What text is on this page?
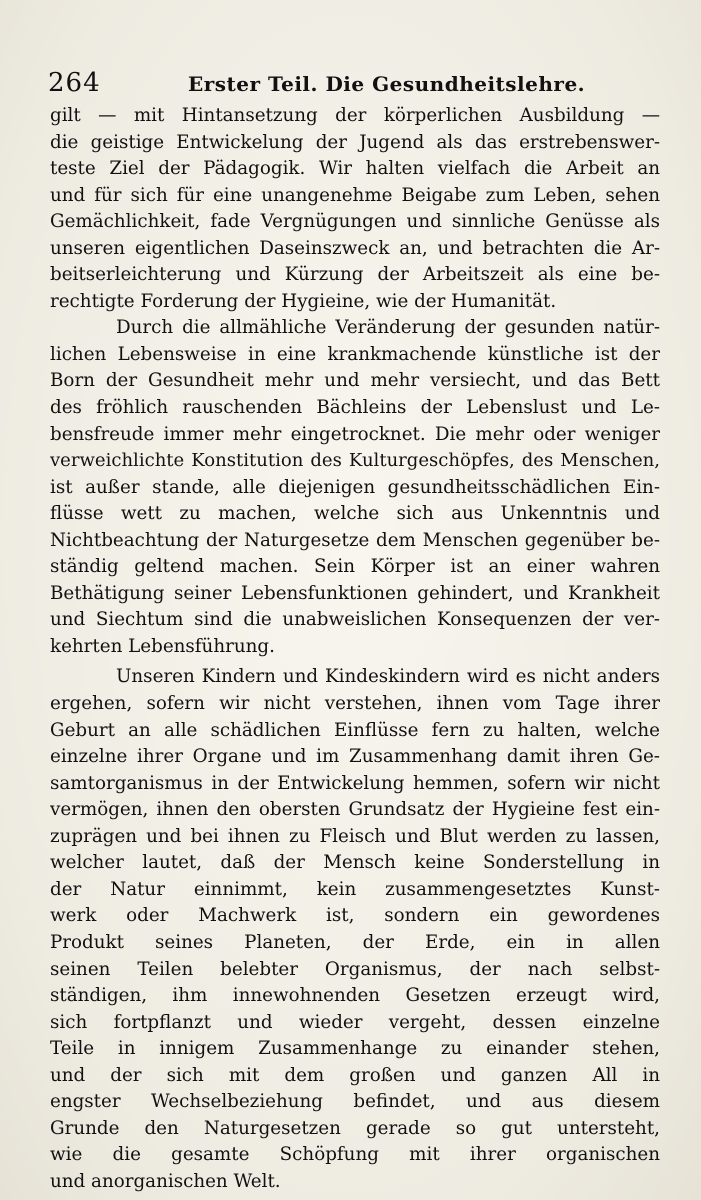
264	Erster Teil. Die Gesundheitslehre.
gilt — mit Hintansetzung der körperlichen Ausbildung —
die geistige Entwickelung der Jugend als das erstrebenswer-
teste Ziel der Pädagogik. Wir halten vielfach die Arbeit an
und für sich für eine unangenehme Beigabe zum Leben, sehen
Gemächlichkeit, fade Vergnügungen und sinnliche Genüsse als
unseren eigentlichen Daseinszweck an, und betrachten die Ar-
beitserleichterung und Kürzung der Arbeitszeit als eine be-
rechtigte Forderung der Hygieine, wie der Humanität.
Durch die allmähliche Veränderung der gesunden natür-
lichen Lebensweise in eine krankmachende künstliche ist der
Born der Gesundheit mehr und mehr versiecht, und das Bett
des fröhlich rauschenden Bächleins der Lebenslust und Le-
bensfreude immer mehr eingetrocknet. Die mehr oder weniger
verweichlichte Konstitution des Kulturgeschöpfes, des Menschen,
ist außer stande, alle diejenigen gesundheitsschädlichen Ein-
flüsse wett zu machen, welche sich aus Unkenntnis und
Nichtbeachtung der Naturgesetze dem Menschen gegenüber be-
ständig geltend machen. Sein Körper ist an einer wahren
Bethätigung seiner Lebensfunktionen gehindert, und Krankheit
und Siechtum sind die unabweislichen Konsequenzen der ver-
kehrten Lebensführung.
Unseren Kindern und Kindeskindern wird es nicht anders
ergehen, sofern wir nicht verstehen, ihnen vom Tage ihrer
Geburt an alle schädlichen Einflüsse fern zu halten, welche
einzelne ihrer Organe und im Zusammenhang damit ihren Ge-
samtorganismus in der Entwickelung hemmen, sofern wir nicht
vermögen, ihnen den obersten Grundsatz der Hygieine fest ein-
zuprägen und bei ihnen zu Fleisch und Blut werden zu lassen,
welcher lautet, daß der Mensch keine Sonderstellung in
der Natur einnimmt, kein zusammengesetztes Kunst-
werk oder Machwerk ist, sondern ein gewordenes
Produkt seines Planeten, der Erde, ein in allen
seinen Teilen belebter Organismus, der nach selbst-
ständigen, ihm innewohnenden Gesetzen erzeugt wird,
sich fortpflanzt und wieder vergeht, dessen einzelne
Teile in innigem Zusammenhange zu einander stehen,
und der sich mit dem großen und ganzen All in
engster Wechselbeziehung befindet, und aus diesem
Grunde den Naturgesetzen gerade so gut untersteht,
wie die gesamte Schöpfung mit ihrer organischen
und anorganischen Welt.
